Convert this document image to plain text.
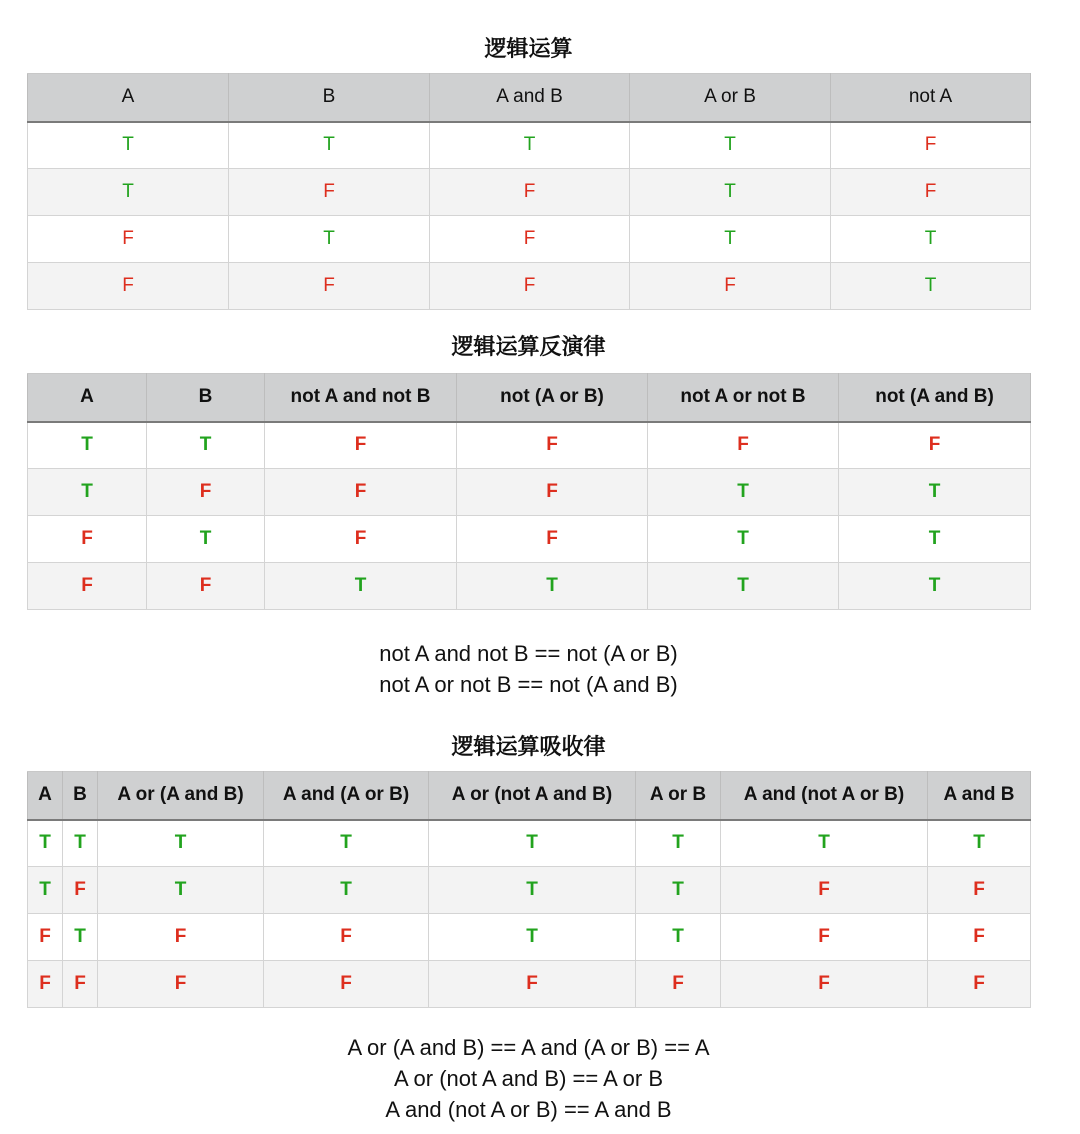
逻辑运算
A	B	A and B	A or B	not A
T	T	T	T	F
T	F	F	T	F
F	T	F	T	T
F	F	F	F	T
逻辑运算反演律
A	B	not A and not B	not (A or B)	not A or not B	not (A and B)
T	T	F	F	F	F
T	F	F	F	T	T
F	T	F	F	T	T
F	F	T	T	T	T
not A and not B == not (A or B)
not A or not B == not (A and B)
逻辑运算吸收律
A	B	A or (A and B)	A and (A or B)	A or (not A and B)	A or B	A and (not A or B)	A and B
T	T	T	T	T	T	T	T
T	F	T	T	T	T	F	F
F	T	F	F	T	T	F	F
F	F	F	F	F	F	F	F
A or (A and B) == A and (A or B) == A
A or (not A and B) == A or B
A and (not A or B) == A and B
